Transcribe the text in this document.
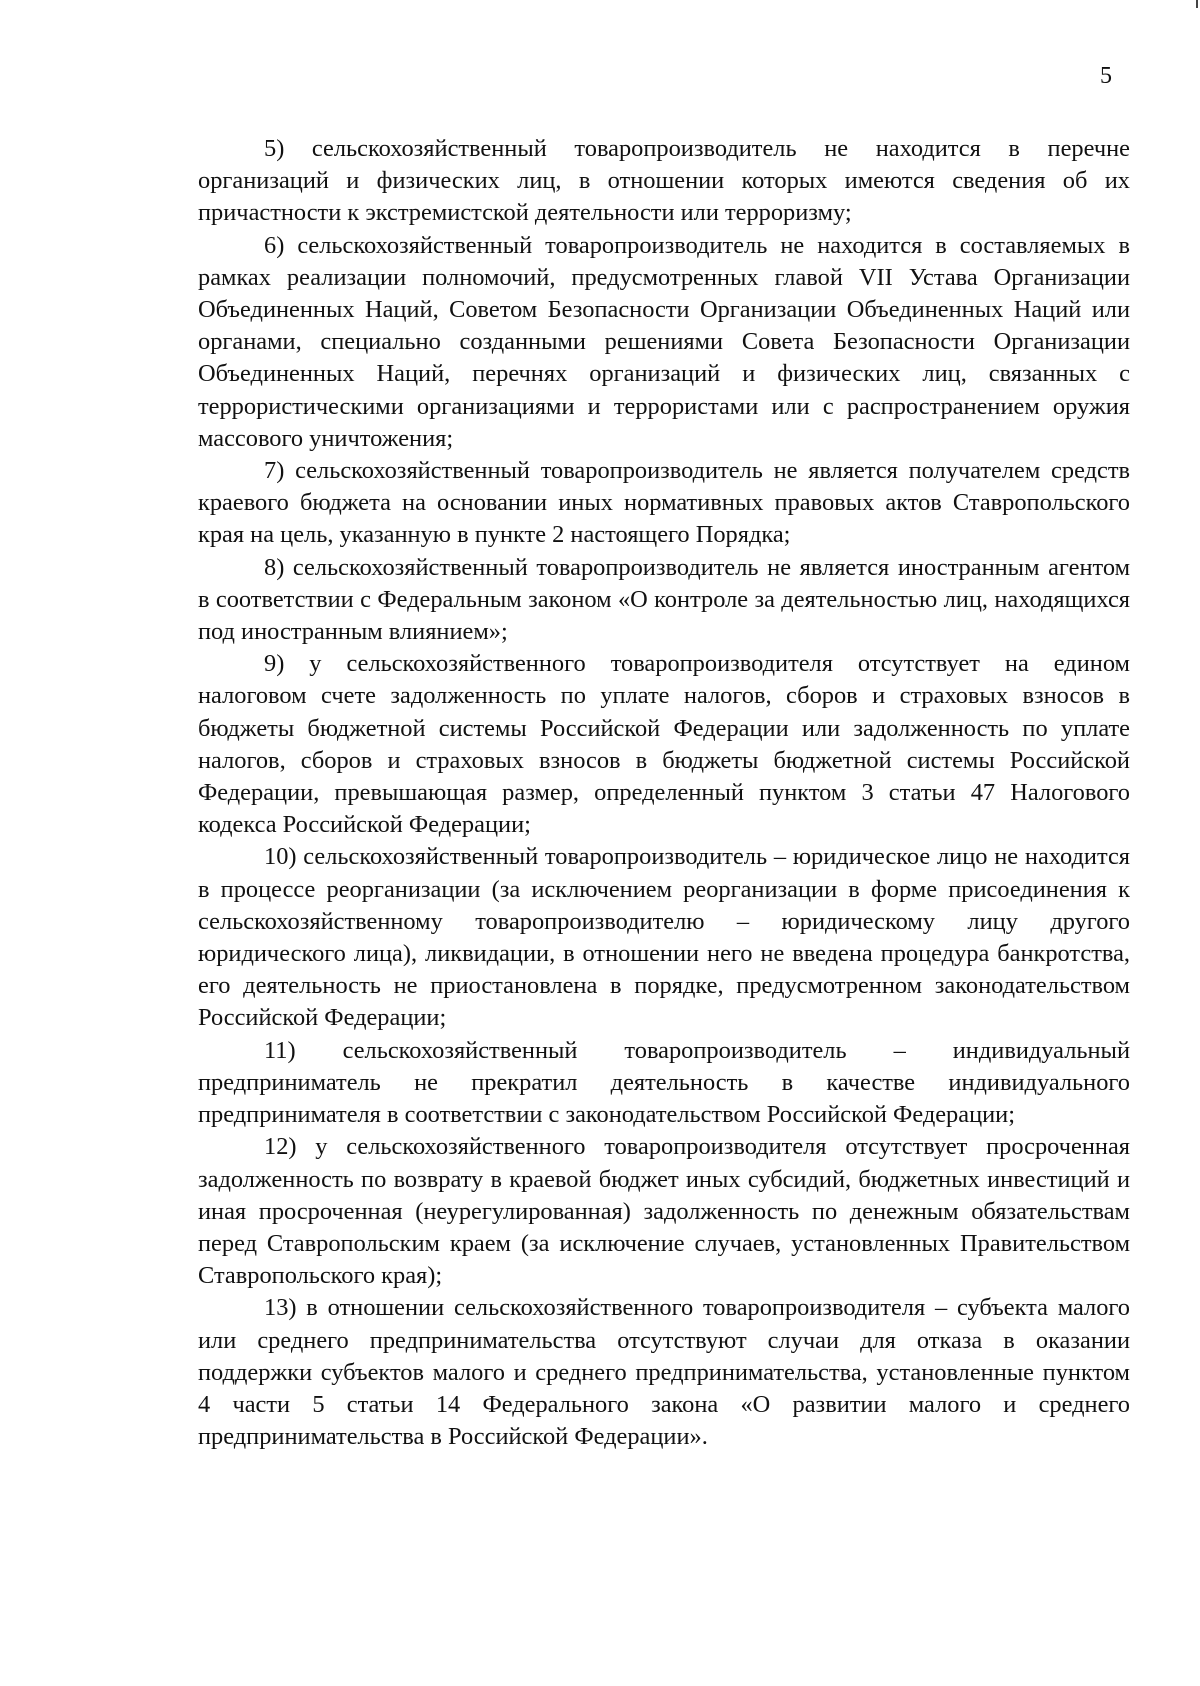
5

5) сельскохозяйственный товаропроизводитель не находится в перечне организаций и физических лиц, в отношении которых имеются сведения об их причастности к экстремистской деятельности или терроризму;

6) сельскохозяйственный товаропроизводитель не находится в составляемых в рамках реализации полномочий, предусмотренных главой VII Устава Организации Объединенных Наций, Советом Безопасности Организации Объединенных Наций или органами, специально созданными решениями Совета Безопасности Организации Объединенных Наций, перечнях организаций и физических лиц, связанных с террористическими организациями и террористами или с распространением оружия массового уничтожения;

7) сельскохозяйственный товаропроизводитель не является получателем средств краевого бюджета на основании иных нормативных правовых актов Ставропольского края на цель, указанную в пункте 2 настоящего Порядка;

8) сельскохозяйственный товаропроизводитель не является иностранным агентом в соответствии с Федеральным законом «О контроле за деятельностью лиц, находящихся под иностранным влиянием»;

9) у сельскохозяйственного товаропроизводителя отсутствует на едином налоговом счете задолженность по уплате налогов, сборов и страховых взносов в бюджеты бюджетной системы Российской Федерации или задолженность по уплате налогов, сборов и страховых взносов в бюджеты бюджетной системы Российской Федерации, превышающая размер, определенный пунктом 3 статьи 47 Налогового кодекса Российской Федерации;

10) сельскохозяйственный товаропроизводитель – юридическое лицо не находится в процессе реорганизации (за исключением реорганизации в форме присоединения к сельскохозяйственному товаропроизводителю – юридическому лицу другого юридического лица), ликвидации, в отношении него не введена процедура банкротства, его деятельность не приостановлена в порядке, предусмотренном законодательством Российской Федерации;

11) сельскохозяйственный товаропроизводитель – индивидуальный предприниматель не прекратил деятельность в качестве индивидуального предпринимателя в соответствии с законодательством Российской Федерации;

12) у сельскохозяйственного товаропроизводителя отсутствует просроченная задолженность по возврату в краевой бюджет иных субсидий, бюджетных инвестиций и иная просроченная (неурегулированная) задолженность по денежным обязательствам перед Ставропольским краем (за исключение случаев, установленных Правительством Ставропольского края);

13) в отношении сельскохозяйственного товаропроизводителя – субъекта малого или среднего предпринимательства отсутствуют случаи для отказа в оказании поддержки субъектов малого и среднего предпринимательства, установленные пунктом 4 части 5 статьи 14 Федерального закона «О развитии малого и среднего предпринимательства в Российской Федерации».
